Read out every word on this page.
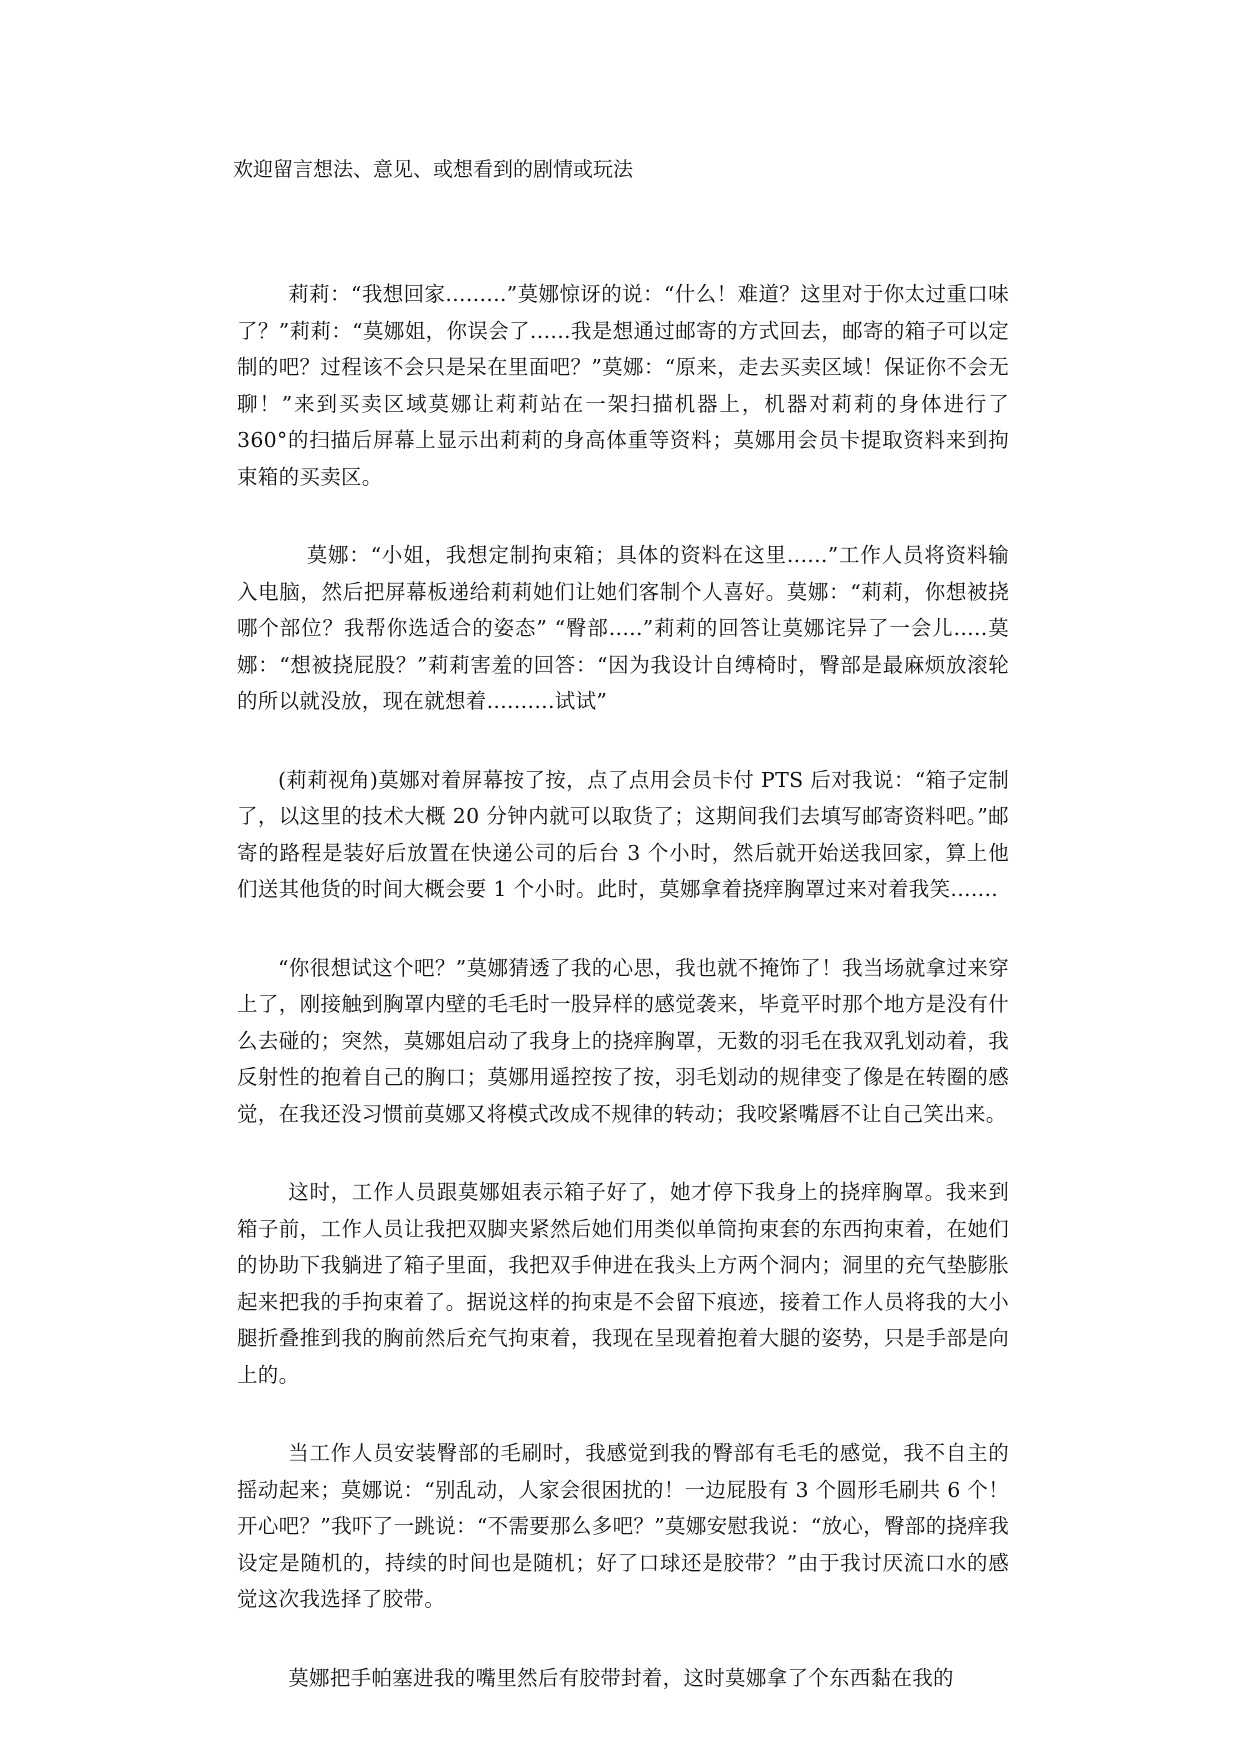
欢迎留言想法、意见、或想看到的剧情或玩法

莉莉：“我想回家.........”莫娜惊讶的说：“什么！难道？这里对于你太过重口味了？”莉莉：“莫娜姐，你误会了......我是想通过邮寄的方式回去，邮寄的箱子可以定制的吧？过程该不会只是呆在里面吧？”莫娜：“原来，走去买卖区域！保证你不会无聊！”来到买卖区域莫娜让莉莉站在一架扫描机器上，机器对莉莉的身体进行了 360°的扫描后屏幕上显示出莉莉的身高体重等资料；莫娜用会员卡提取资料来到拘束箱的买卖区。

莫娜：“小姐，我想定制拘束箱；具体的资料在这里......”工作人员将资料输入电脑，然后把屏幕板递给莉莉她们让她们客制个人喜好。莫娜：“莉莉，你想被挠哪个部位？我帮你选适合的姿态” “臀部.....”莉莉的回答让莫娜诧异了一会儿.....莫娜：“想被挠屁股？”莉莉害羞的回答：“因为我设计自缚椅时，臀部是最麻烦放滚轮的所以就没放，现在就想着..........试试”

(莉莉视角)莫娜对着屏幕按了按，点了点用会员卡付 PTS 后对我说：“箱子定制了，以这里的技术大概 20 分钟内就可以取货了；这期间我们去填写邮寄资料吧。”邮寄的路程是装好后放置在快递公司的后台 3 个小时，然后就开始送我回家，算上他们送其他货的时间大概会要 1 个小时。此时，莫娜拿着挠痒胸罩过来对着我笑.......

“你很想试这个吧？”莫娜猜透了我的心思，我也就不掩饰了！我当场就拿过来穿上了，刚接触到胸罩内壁的毛毛时一股异样的感觉袭来，毕竟平时那个地方是没有什么去碰的；突然，莫娜姐启动了我身上的挠痒胸罩，无数的羽毛在我双乳划动着，我反射性的抱着自己的胸口；莫娜用遥控按了按，羽毛划动的规律变了像是在转圈的感觉，在我还没习惯前莫娜又将模式改成不规律的转动；我咬紧嘴唇不让自己笑出来。

这时，工作人员跟莫娜姐表示箱子好了，她才停下我身上的挠痒胸罩。我来到箱子前，工作人员让我把双脚夹紧然后她们用类似单筒拘束套的东西拘束着，在她们的协助下我躺进了箱子里面，我把双手伸进在我头上方两个洞内；洞里的充气垫膨胀起来把我的手拘束着了。据说这样的拘束是不会留下痕迹，接着工作人员将我的大小腿折叠推到我的胸前然后充气拘束着，我现在呈现着抱着大腿的姿势，只是手部是向上的。

当工作人员安装臀部的毛刷时，我感觉到我的臀部有毛毛的感觉，我不自主的摇动起来；莫娜说：“别乱动，人家会很困扰的！一边屁股有 3 个圆形毛刷共 6 个！开心吧？”我吓了一跳说：“不需要那么多吧？”莫娜安慰我说：“放心，臀部的挠痒我设定是随机的，持续的时间也是随机；好了口球还是胶带？”由于我讨厌流口水的感觉这次我选择了胶带。

莫娜把手帕塞进我的嘴里然后有胶带封着，这时莫娜拿了个东西黏在我的
